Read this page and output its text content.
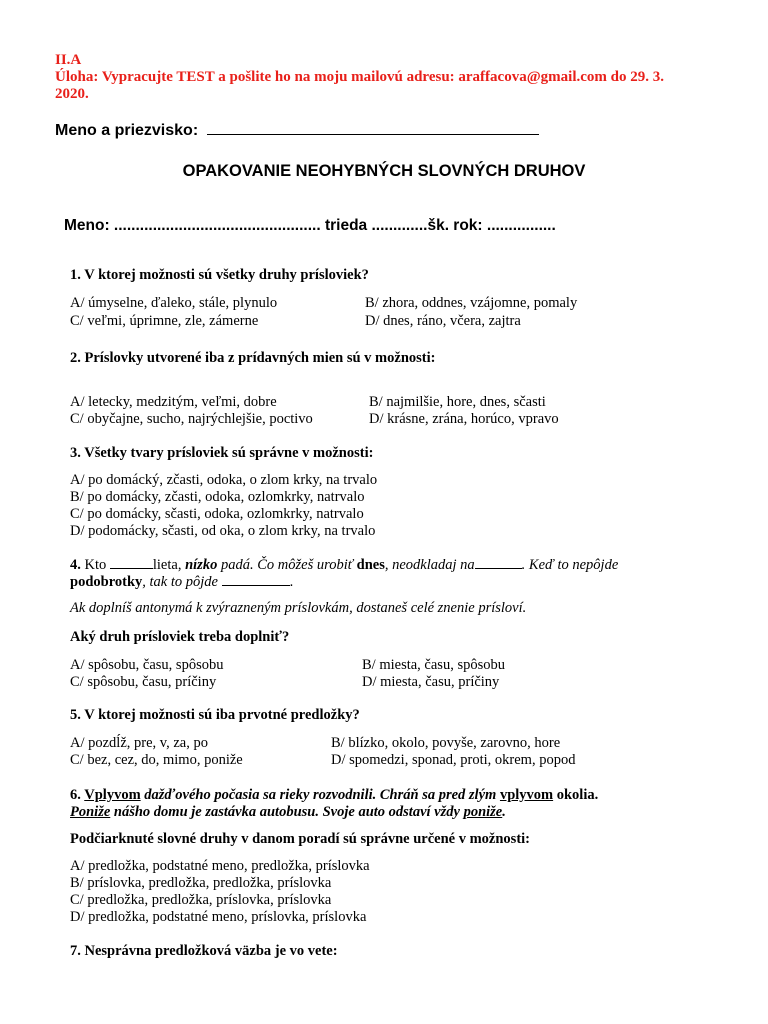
II.A
Úloha: Vypracujte TEST a pošlite ho na moju mailovú adresu: araffacova@gmail.com do 29. 3.
2020.
Meno a priezvisko:
OPAKOVANIE NEOHYBNÝCH SLOVNÝCH DRUHOV
Meno: ................................................ trieda .............šk. rok: ................
1. V ktorej možnosti sú všetky druhy prísloviek?
A/ úmyselne, ďaleko, stále, plynulo	B/ zhora, oddnes, vzájomne, pomaly
C/ veľmi, úprimne, zle, zámerne	D/ dnes, ráno, včera, zajtra
2. Príslovky utvorené iba z prídavných mien sú v možnosti:
A/ letecky, medzitým, veľmi, dobre	B/ najmilšie, hore, dnes, sčasti
C/ obyčajne, sucho, najrýchlejšie, poctivo	D/ krásne, zrána, horúco, vpravo
3. Všetky tvary prísloviek sú správne v možnosti:
A/ po domácký, zčasti, odoka, o zlom krky, na trvalo
B/ po domácky, zčasti, odoka, ozlomkrky, natrvalo
C/ po domácky, sčasti, odoka, ozlomkrky, natrvalo
D/ podomácky, sčasti, od oka, o zlom krky, na trvalo
4. Kto	lieta, nízko padá. Čo môžeš urobiť dnes, neodkladaj na	. Keď to nepôjde
podobrotky, tak to pôjde	.
Ak doplníš antonymá k zvýrazneným príslovkám, dostaneš celé znenie prísloví.
Aký druh prísloviek treba doplniť?
A/ spôsobu, času, spôsobu	B/ miesta, času, spôsobu
C/ spôsobu, času, príčiny	D/ miesta, času, príčiny
5. V ktorej možnosti sú iba prvotné predložky?
A/ pozdĺž, pre, v, za, po	B/ blízko, okolo, povyše, zarovno, hore
C/ bez, cez, do, mimo, poniže	D/ spomedzi, sponad, proti, okrem, popod
6. Vplyvom dažďového počasia sa rieky rozvodnili. Chráň sa pred zlým vplyvom okolia.
Poniže nášho domu je zastávka autobusu. Svoje auto odstaví vždy poniže.
Podčiarknuté slovné druhy v danom poradí sú správne určené v možnosti:
A/ predložka, podstatné meno, predložka, príslovka
B/ príslovka, predložka, predložka, príslovka
C/ predložka, predložka, príslovka, príslovka
D/ predložka, podstatné meno, príslovka, príslovka
7. Nesprávna predložková väzba je vo vete:
